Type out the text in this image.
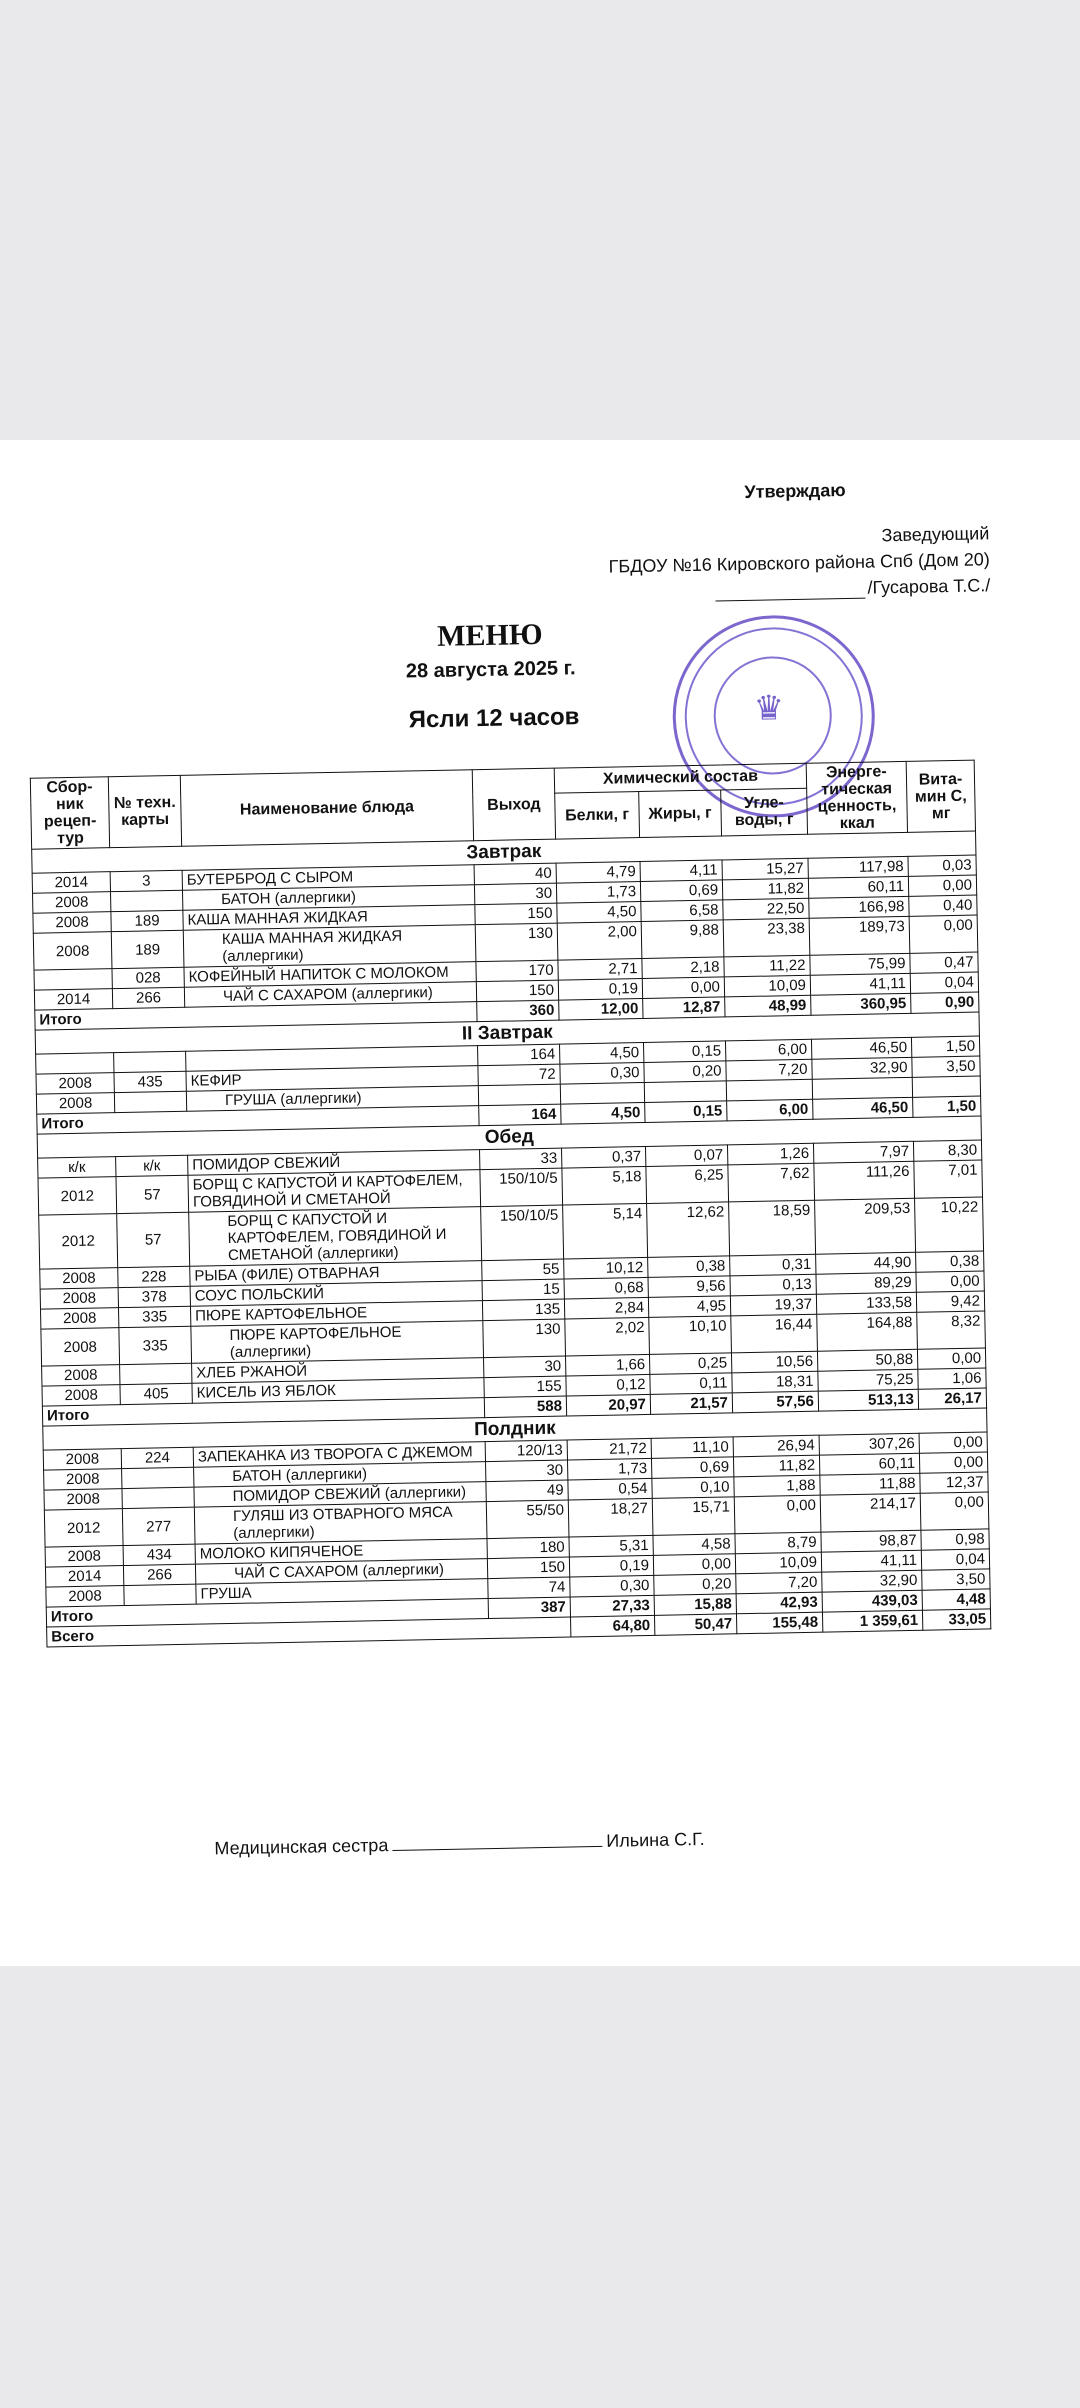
Утверждаю
Заведующий
ГБДОУ №16 Кировского района Спб (Дом 20)
/Гусарова Т.С./
♛
МЕНЮ
28 августа 2025 г.
Ясли 12 часов
Сбор-ник рецеп-тур	№ техн. карты	Наименование блюда	Выход	Химический состав			Энерге-тическая ценность, ккал	Вита-мин С, мг
				Белки, г	Жиры, г	Угле-воды, г		
Завтрак								
2014	3	БУТЕРБРОД С СЫРОМ	40	4,79	4,11	15,27	117,98	0,03
2008		БАТОН (аллергики)	30	1,73	0,69	11,82	60,11	0,00
2008	189	КАША МАННАЯ ЖИДКАЯ	150	4,50	6,58	22,50	166,98	0,40
2008	189	КАША МАННАЯ ЖИДКАЯ (аллергики)	130	2,00	9,88	23,38	189,73	0,00
	028	КОФЕЙНЫЙ НАПИТОК С МОЛОКОМ	170	2,71	2,18	11,22	75,99	0,47
2014	266	ЧАЙ С САХАРОМ (аллергики)	150	0,19	0,00	10,09	41,11	0,04
Итого			360	12,00	12,87	48,99	360,95	0,90
II Завтрак								
			164	4,50	0,15	6,00	46,50	1,50
2008	435	КЕФИР	72	0,30	0,20	7,20	32,90	3,50
2008		ГРУША (аллергики)						
Итого			164	4,50	0,15	6,00	46,50	1,50
Обед								
к/к	к/к	ПОМИДОР СВЕЖИЙ	33	0,37	0,07	1,26	7,97	8,30
2012	57	БОРЩ С КАПУСТОЙ И КАРТОФЕЛЕМ, ГОВЯДИНОЙ И СМЕТАНОЙ	150/10/5	5,18	6,25	7,62	111,26	7,01
2012	57	БОРЩ С КАПУСТОЙ И КАРТОФЕЛЕМ, ГОВЯДИНОЙ И СМЕТАНОЙ (аллергики)	150/10/5	5,14	12,62	18,59	209,53	10,22
2008	228	РЫБА (ФИЛЕ) ОТВАРНАЯ	55	10,12	0,38	0,31	44,90	0,38
2008	378	СОУС ПОЛЬСКИЙ	15	0,68	9,56	0,13	89,29	0,00
2008	335	ПЮРЕ КАРТОФЕЛЬНОЕ	135	2,84	4,95	19,37	133,58	9,42
2008	335	ПЮРЕ КАРТОФЕЛЬНОЕ (аллергики)	130	2,02	10,10	16,44	164,88	8,32
2008		ХЛЕБ РЖАНОЙ	30	1,66	0,25	10,56	50,88	0,00
2008	405	КИСЕЛЬ ИЗ ЯБЛОК	155	0,12	0,11	18,31	75,25	1,06
Итого			588	20,97	21,57	57,56	513,13	26,17
Полдник								
2008	224	ЗАПЕКАНКА ИЗ ТВОРОГА С ДЖЕМОМ	120/13	21,72	11,10	26,94	307,26	0,00
2008		БАТОН (аллергики)	30	1,73	0,69	11,82	60,11	0,00
2008		ПОМИДОР СВЕЖИЙ (аллергики)	49	0,54	0,10	1,88	11,88	12,37
2012	277	ГУЛЯШ ИЗ ОТВАРНОГО МЯСА (аллергики)	55/50	18,27	15,71	0,00	214,17	0,00
2008	434	МОЛОКО КИПЯЧЕНОЕ	180	5,31	4,58	8,79	98,87	0,98
2014	266	ЧАЙ С САХАРОМ (аллергики)	150	0,19	0,00	10,09	41,11	0,04
2008		ГРУША	74	0,30	0,20	7,20	32,90	3,50
Итого			387	27,33	15,88	42,93	439,03	4,48
Всего				64,80	50,47	155,48	1 359,61	33,05
Медицинская сестра	Ильина С.Г.
